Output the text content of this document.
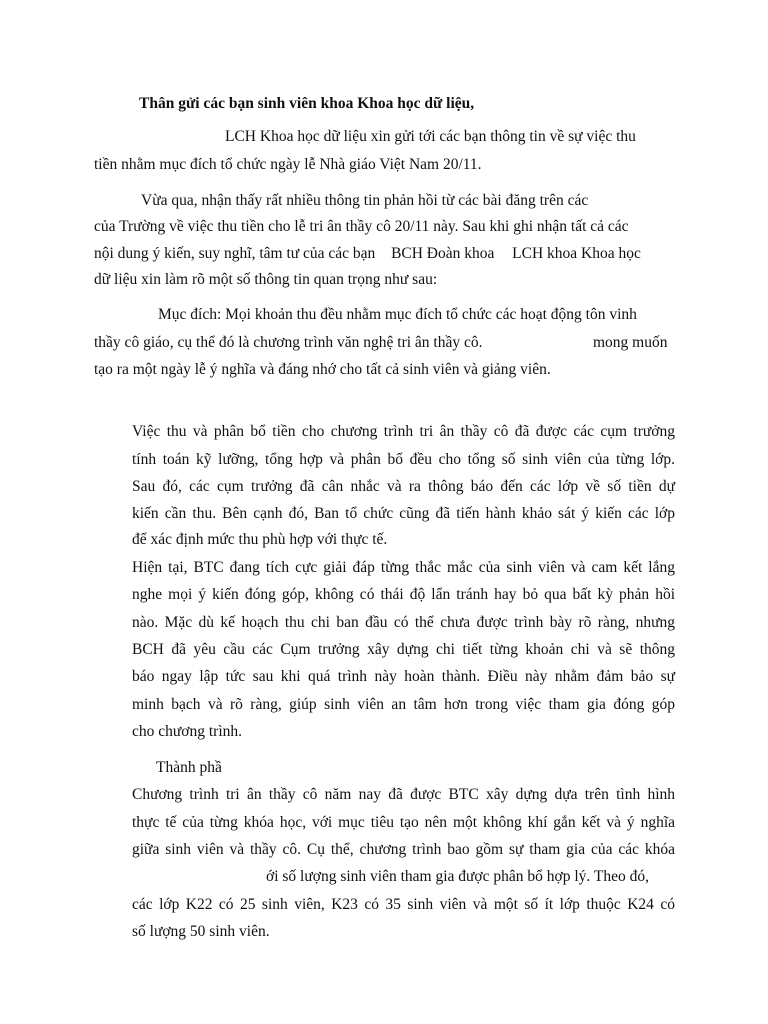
Thân gửi các bạn sinh viên khoa Khoa học dữ liệu,
LCH Khoa học dữ liệu xin gửi tới các bạn thông tin về sự việc thu
tiền nhằm mục đích tổ chức ngày lễ Nhà giáo Việt Nam 20/11.
Vừa qua, nhận thấy rất nhiều thông tin phản hồi từ các bài đăng trên các
của Trường về việc thu tiền cho lễ tri ân thầy cô 20/11 này. Sau khi ghi nhận tất cả các
nội dung ý kiến, suy nghĩ, tâm tư của các bạn BCH Đoàn khoa LCH khoa Khoa học
dữ liệu xin làm rõ một số thông tin quan trọng như sau:
Mục đích: Mọi khoản thu đều nhằm mục đích tổ chức các hoạt động tôn vinh
thầy cô giáo, cụ thể đó là chương trình văn nghệ tri ân thầy cô.	mong muốn
tạo ra một ngày lễ ý nghĩa và đáng nhớ cho tất cả sinh viên và giảng viên.
Việc thu và phân bổ tiền cho chương trình tri ân thầy cô đã được các cụm trưởng
tính toán kỹ lưỡng, tổng hợp và phân bổ đều cho tổng số sinh viên của từng lớp.
Sau đó, các cụm trưởng đã cân nhắc và ra thông báo đến các lớp về số tiền dự
kiến cần thu. Bên cạnh đó, Ban tổ chức cũng đã tiến hành khảo sát ý kiến các lớp
để xác định mức thu phù hợp với thực tế.
Hiện tại, BTC đang tích cực giải đáp từng thắc mắc của sinh viên và cam kết lắng
nghe mọi ý kiến đóng góp, không có thái độ lẩn tránh hay bỏ qua bất kỳ phản hồi
nào. Mặc dù kế hoạch thu chi ban đầu có thể chưa được trình bày rõ ràng, nhưng
BCH đã yêu cầu các Cụm trưởng xây dựng chi tiết từng khoản chi và sẽ thông
báo ngay lập tức sau khi quá trình này hoàn thành. Điều này nhằm đảm bảo sự
minh bạch và rõ ràng, giúp sinh viên an tâm hơn trong việc tham gia đóng góp
cho chương trình.
Thành phầ
Chương trình tri ân thầy cô năm nay đã được BTC xây dựng dựa trên tình hình
thực tế của từng khóa học, với mục tiêu tạo nên một không khí gắn kết và ý nghĩa
giữa sinh viên và thầy cô. Cụ thể, chương trình bao gồm sự tham gia của các khóa
ới số lượng sinh viên tham gia được phân bổ hợp lý. Theo đó,
các lớp K22 có 25 sinh viên, K23 có 35 sinh viên và một số ít lớp thuộc K24 có
số lượng 50 sinh viên.
